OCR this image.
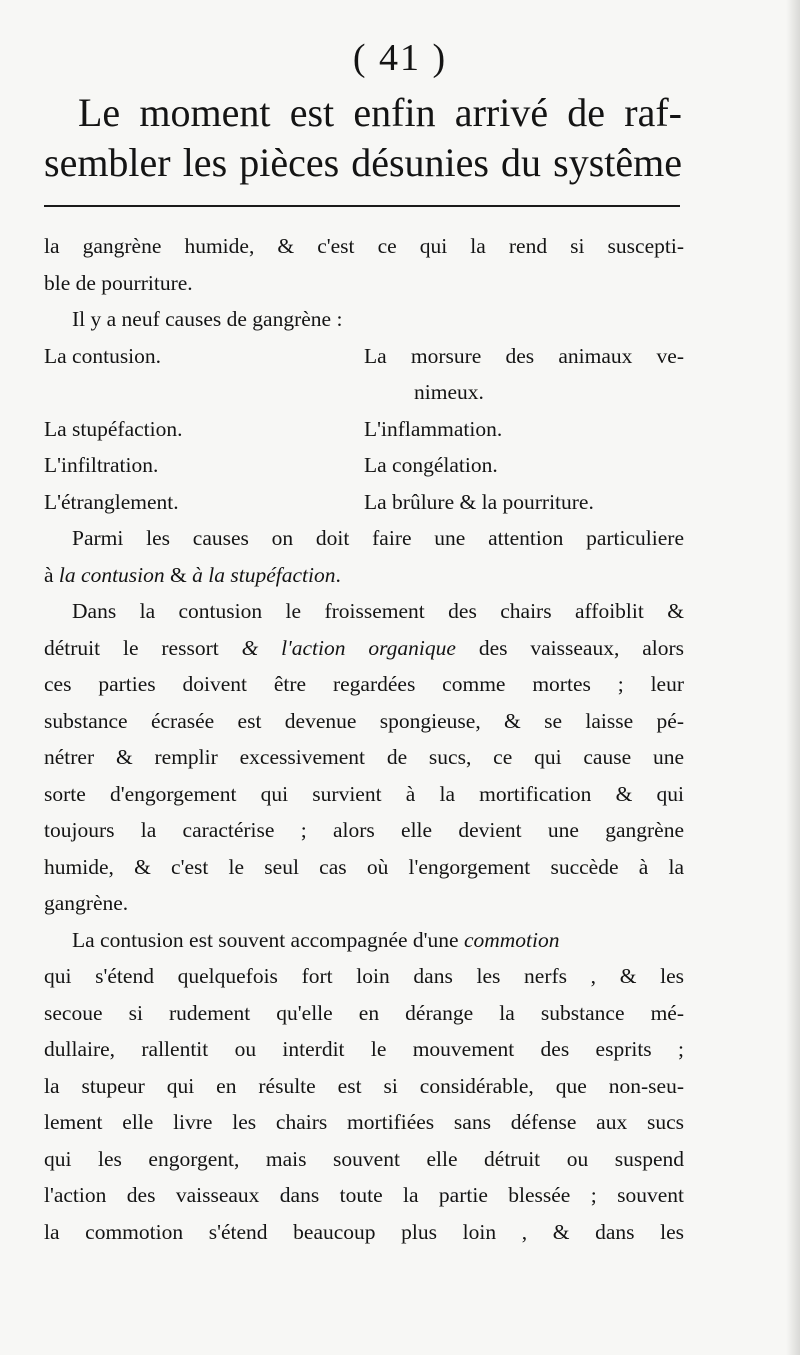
( 41 )
Le moment est enfin arrivé de raf-
sembler les pièces désunies du systême
la gangrène humide, & c'est ce qui la rend si suscepti-
ble de pourriture.
Il y a neuf causes de gangrène :
La contusion.	La morsure des animaux ve-
nimeux.
La stupéfaction.	L'inflammation.
L'infiltration.	La congélation.
L'étranglement.	La brûlure & la pourriture.
Parmi les causes on doit faire une attention particuliere
à la contusion & à la stupéfaction.
Dans la contusion le froissement des chairs affoiblit &
détruit le ressort & l'action organique des vaisseaux, alors
ces parties doivent être regardées comme mortes ; leur
substance écrasée est devenue spongieuse, & se laisse pé-
nétrer & remplir excessivement de sucs, ce qui cause une
sorte d'engorgement qui survient à la mortification & qui
toujours la caractérise ; alors elle devient une gangrène
humide, & c'est le seul cas où l'engorgement succède à la
gangrène.
La contusion est souvent accompagnée d'une commotion
qui s'étend quelquefois fort loin dans les nerfs , & les
secoue si rudement qu'elle en dérange la substance mé-
dullaire, rallentit ou interdit le mouvement des esprits ;
la stupeur qui en résulte est si considérable, que non-seu-
lement elle livre les chairs mortifiées sans défense aux sucs
qui les engorgent, mais souvent elle détruit ou suspend
l'action des vaisseaux dans toute la partie blessée ; souvent
la commotion s'étend beaucoup plus loin , & dans les
